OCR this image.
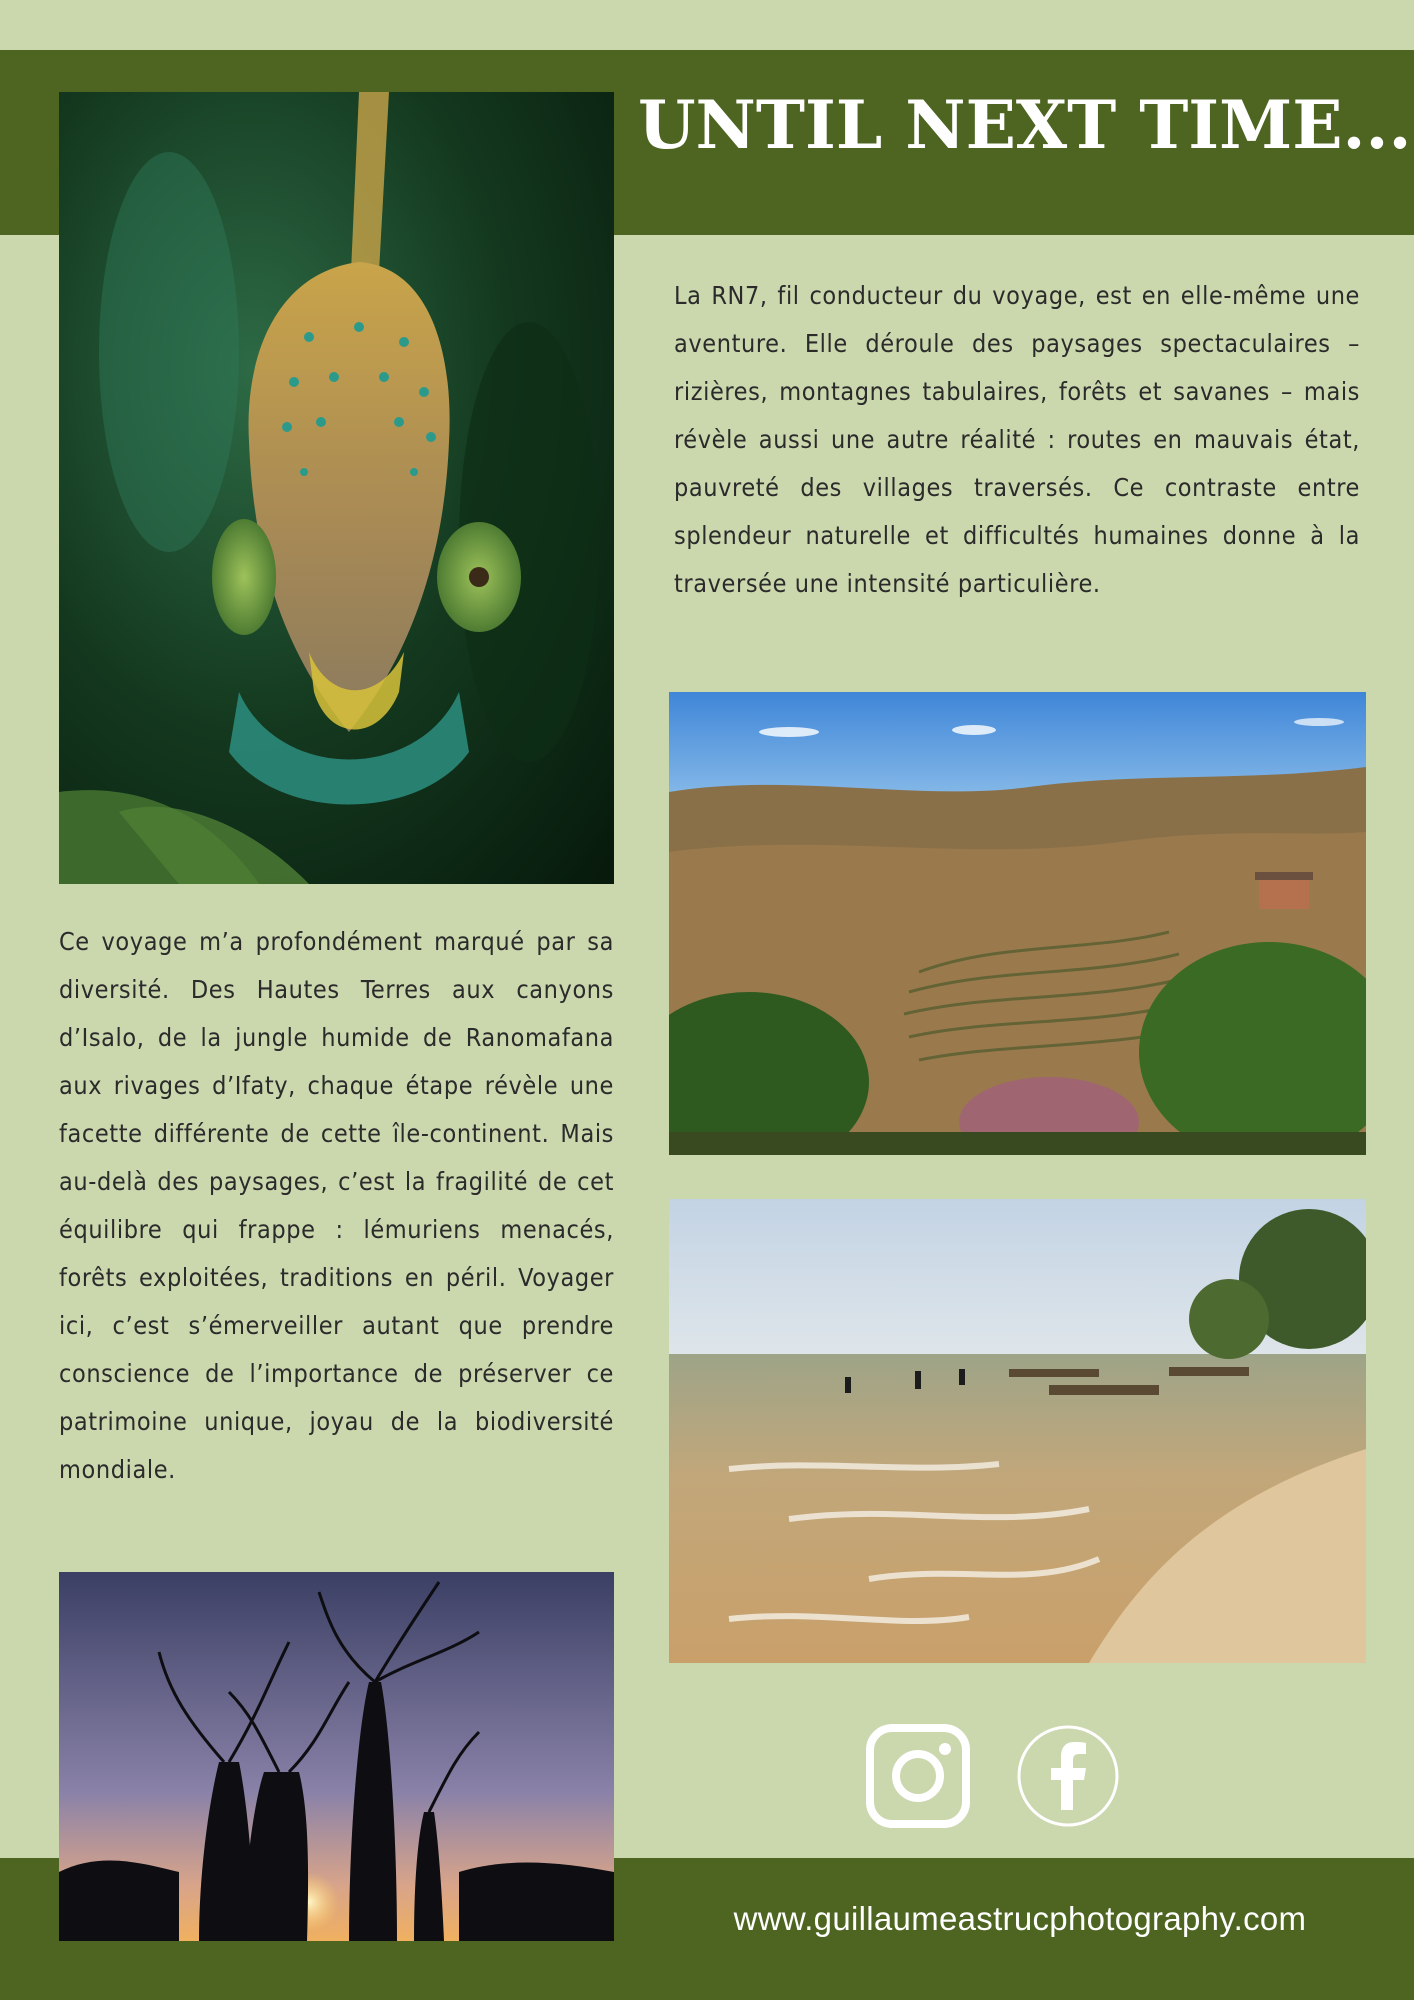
UNTIL NEXT TIME...

La RN7, fil conducteur du voyage, est en elle-même une aventure. Elle déroule des paysages spectaculaires – rizières, montagnes tabulaires, forêts et savanes – mais révèle aussi une autre réalité : routes en mauvais état, pauvreté des villages traversés. Ce contraste entre splendeur naturelle et difficultés humaines donne à la traversée une intensité particulière.

Ce voyage m’a profondément marqué par sa diversité. Des Hautes Terres aux canyons d’Isalo, de la jungle humide de Ranomafana aux rivages d’Ifaty, chaque étape révèle une facette différente de cette île-continent. Mais au-delà des paysages, c’est la fragilité de cet équilibre qui frappe : lémuriens menacés, forêts exploitées, traditions en péril. Voyager ici, c’est s’émerveiller autant que prendre conscience de l’importance de préserver ce patrimoine unique, joyau de la biodiversité mondiale.

www.guillaumeastrucphotography.com
